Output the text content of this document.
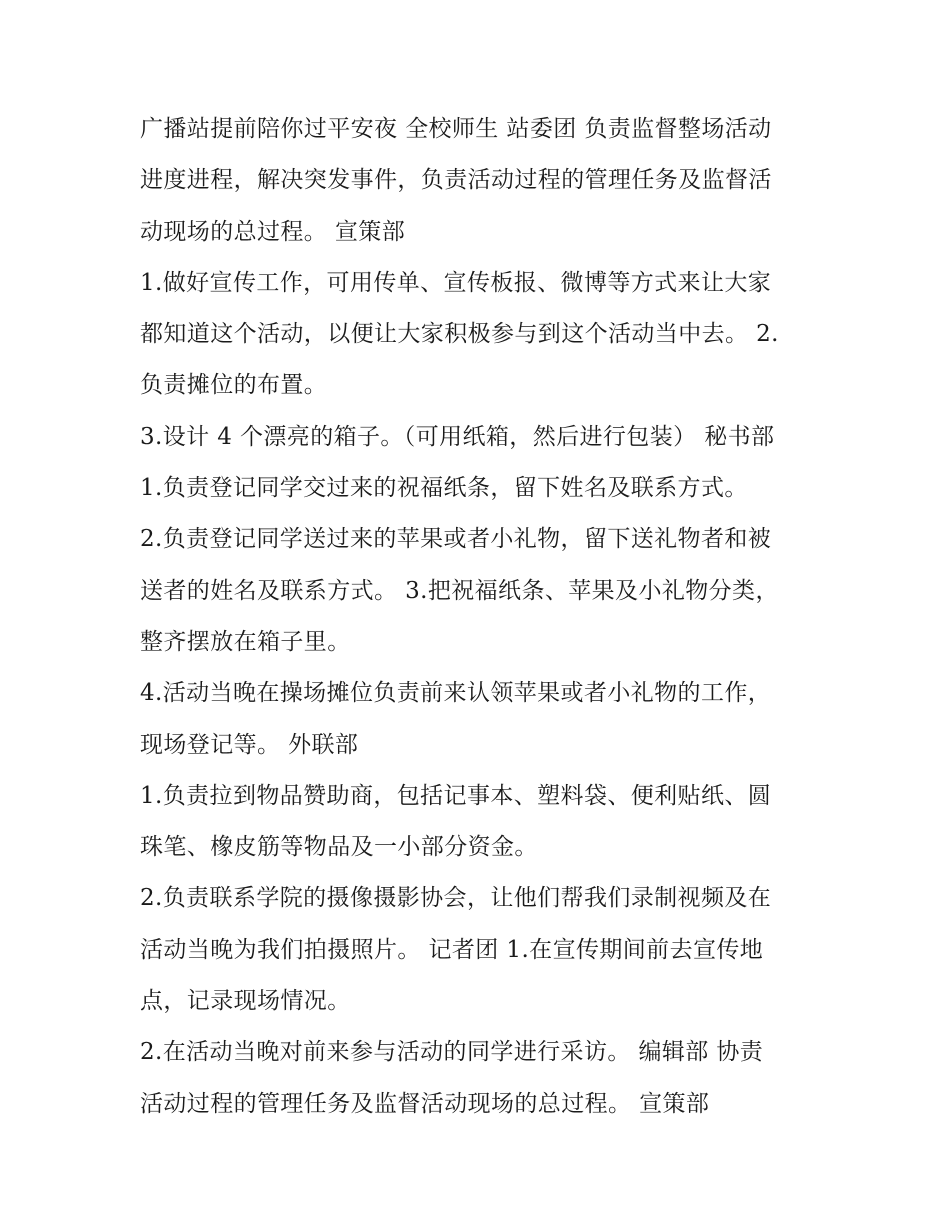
广播站提前陪你过平安夜 全校师生 站委团 负责监督整场活动
进度进程，解决突发事件，负责活动过程的管理任务及监督活
动现场的总过程。 宣策部
1.做好宣传工作，可用传单、宣传板报、微博等方式来让大家
都知道这个活动，以便让大家积极参与到这个活动当中去。 2.
负责摊位的布置。
3.设计 4 个漂亮的箱子。（可用纸箱，然后进行包装） 秘书部
1.负责登记同学交过来的祝福纸条，留下姓名及联系方式。
2.负责登记同学送过来的苹果或者小礼物，留下送礼物者和被
送者的姓名及联系方式。 3.把祝福纸条、苹果及小礼物分类，
整齐摆放在箱子里。
4.活动当晚在操场摊位负责前来认领苹果或者小礼物的工作，
现场登记等。 外联部
1.负责拉到物品赞助商，包括记事本、塑料袋、便利贴纸、圆
珠笔、橡皮筋等物品及一小部分资金。
2.负责联系学院的摄像摄影协会，让他们帮我们录制视频及在
活动当晚为我们拍摄照片。 记者团 1.在宣传期间前去宣传地
点，记录现场情况。
2.在活动当晚对前来参与活动的同学进行采访。 编辑部 协责
活动过程的管理任务及监督活动现场的总过程。 宣策部
